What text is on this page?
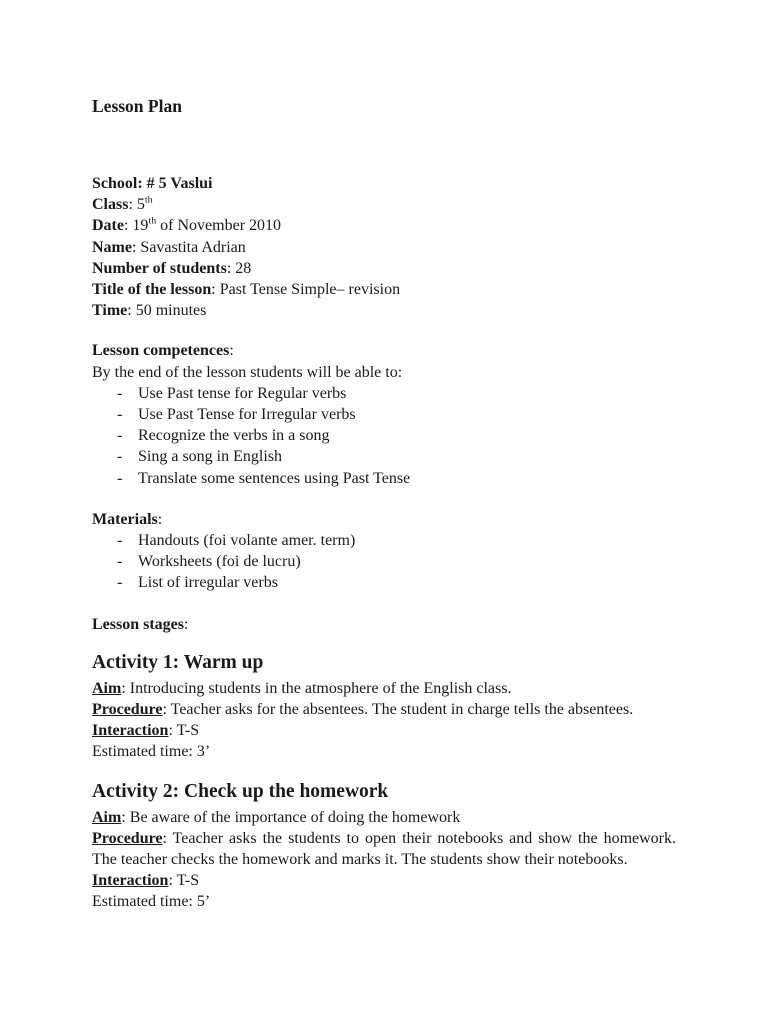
Lesson Plan
School: # 5 Vaslui
Class: 5th
Date: 19th of November 2010
Name: Savastita Adrian
Number of students: 28
Title of the lesson: Past Tense Simple– revision
Time: 50 minutes
Lesson competences:
By the end of the lesson students will be able to:
- Use Past tense for Regular verbs
- Use Past Tense for Irregular verbs
- Recognize the verbs in a song
- Sing a song in English
- Translate some sentences using Past Tense
Materials:
- Handouts (foi volante amer. term)
- Worksheets (foi de lucru)
- List of irregular verbs
Lesson stages:
Activity 1: Warm up
Aim: Introducing students in the atmosphere of the English class.
Procedure: Teacher asks for the absentees. The student in charge tells the absentees.
Interaction: T-S
Estimated time: 3’
Activity 2: Check up the homework
Aim: Be aware of the importance of doing the homework
Procedure: Teacher asks the students to open their notebooks and show the homework. The teacher checks the homework and marks it. The students show their notebooks.
Interaction: T-S
Estimated time: 5’
